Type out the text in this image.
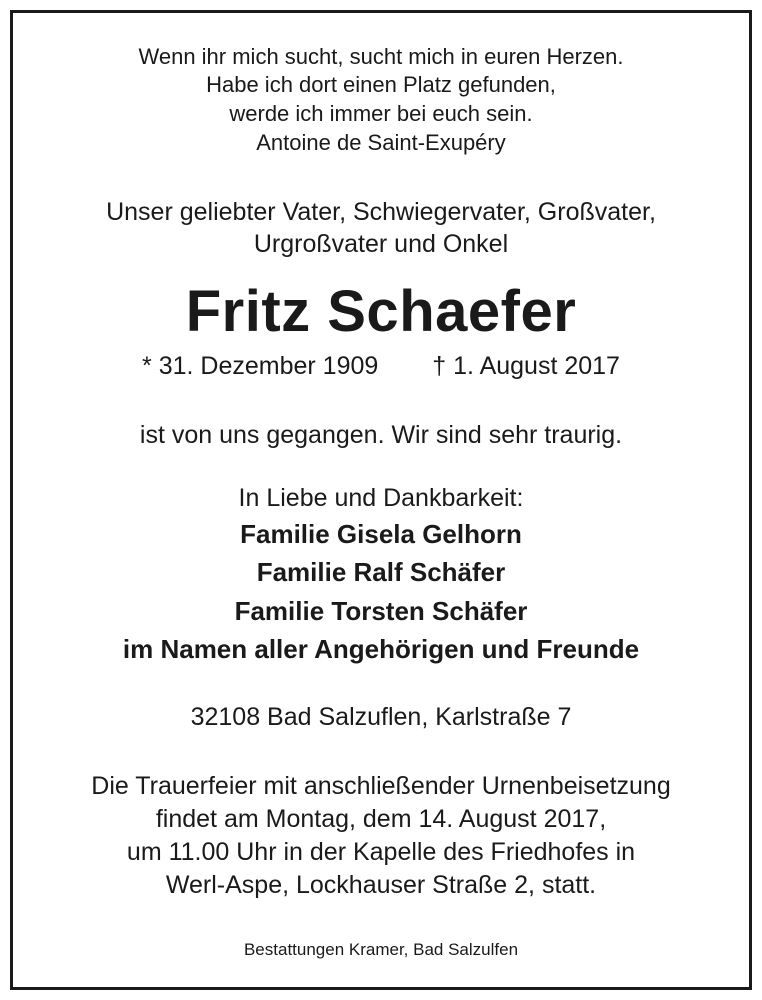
Wenn ihr mich sucht, sucht mich in euren Herzen.
Habe ich dort einen Platz gefunden,
werde ich immer bei euch sein.
Antoine de Saint-Exupéry
Unser geliebter Vater, Schwiegervater, Großvater,
Urgroßvater und Onkel
Fritz Schaefer
* 31. Dezember 1909 † 1. August 2017
ist von uns gegangen. Wir sind sehr traurig.
In Liebe und Dankbarkeit:
Familie Gisela Gelhorn
Familie Ralf Schäfer
Familie Torsten Schäfer
im Namen aller Angehörigen und Freunde
32108 Bad Salzuflen, Karlstraße 7
Die Trauerfeier mit anschließender Urnenbeisetzung
findet am Montag, dem 14. August 2017,
um 11.00 Uhr in der Kapelle des Friedhofes in
Werl-Aspe, Lockhauser Straße 2, statt.
Bestattungen Kramer, Bad Salzulfen
